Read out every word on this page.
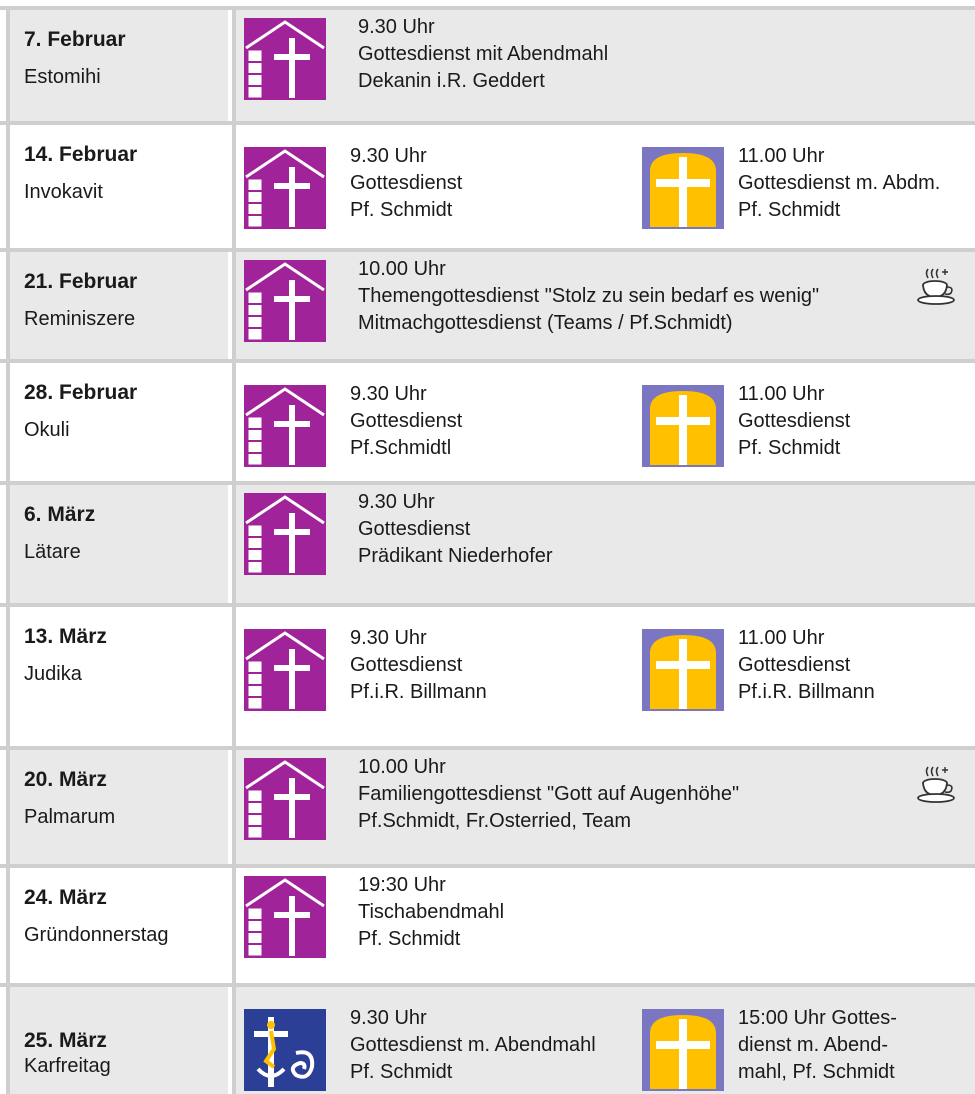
7. Februar
Estomihi
9.30 Uhr
Gottesdienst mit Abendmahl
Dekanin i.R. Geddert
14. Februar
Invokavit
9.30 Uhr
Gottesdienst
Pf. Schmidt
11.00 Uhr
Gottesdienst m. Abdm.
Pf. Schmidt
21. Februar
Reminiszere
10.00 Uhr
Themengottesdienst "Stolz zu sein bedarf es wenig"
Mitmachgottesdienst (Teams / Pf.Schmidt)
28. Februar
Okuli
9.30 Uhr
Gottesdienst
Pf.Schmidtl
11.00 Uhr
Gottesdienst
Pf. Schmidt
6. März
Lätare
9.30 Uhr
Gottesdienst
Prädikant Niederhofer
13. März
Judika
9.30 Uhr
Gottesdienst
Pf.i.R. Billmann
11.00 Uhr
Gottesdienst
Pf.i.R. Billmann
20. März
Palmarum
10.00 Uhr
Familiengottesdienst "Gott auf Augenhöhe"
Pf.Schmidt, Fr.Osterried, Team
24. März
Gründonnerstag
19:30 Uhr
Tischabendmahl
Pf. Schmidt
25. März
Karfreitag
9.30 Uhr
Gottesdienst m. Abendmahl
Pf. Schmidt
15:00 Uhr Gottes-
dienst m. Abend-
mahl, Pf. Schmidt
